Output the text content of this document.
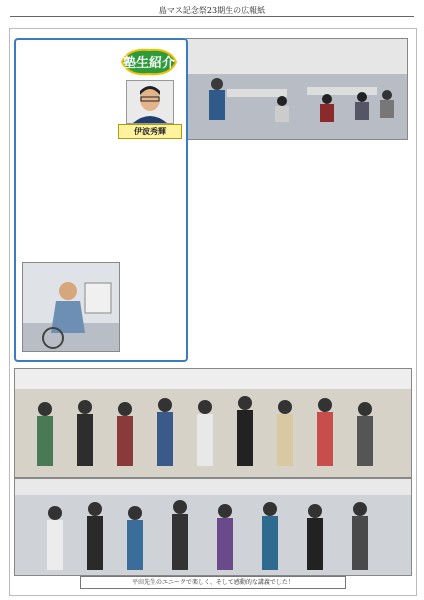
島マス記念祭23期生の広報紙
塾生紹介
伊波秀輝
平田先生のユニークで楽しく、そして感動的な講義でした！
